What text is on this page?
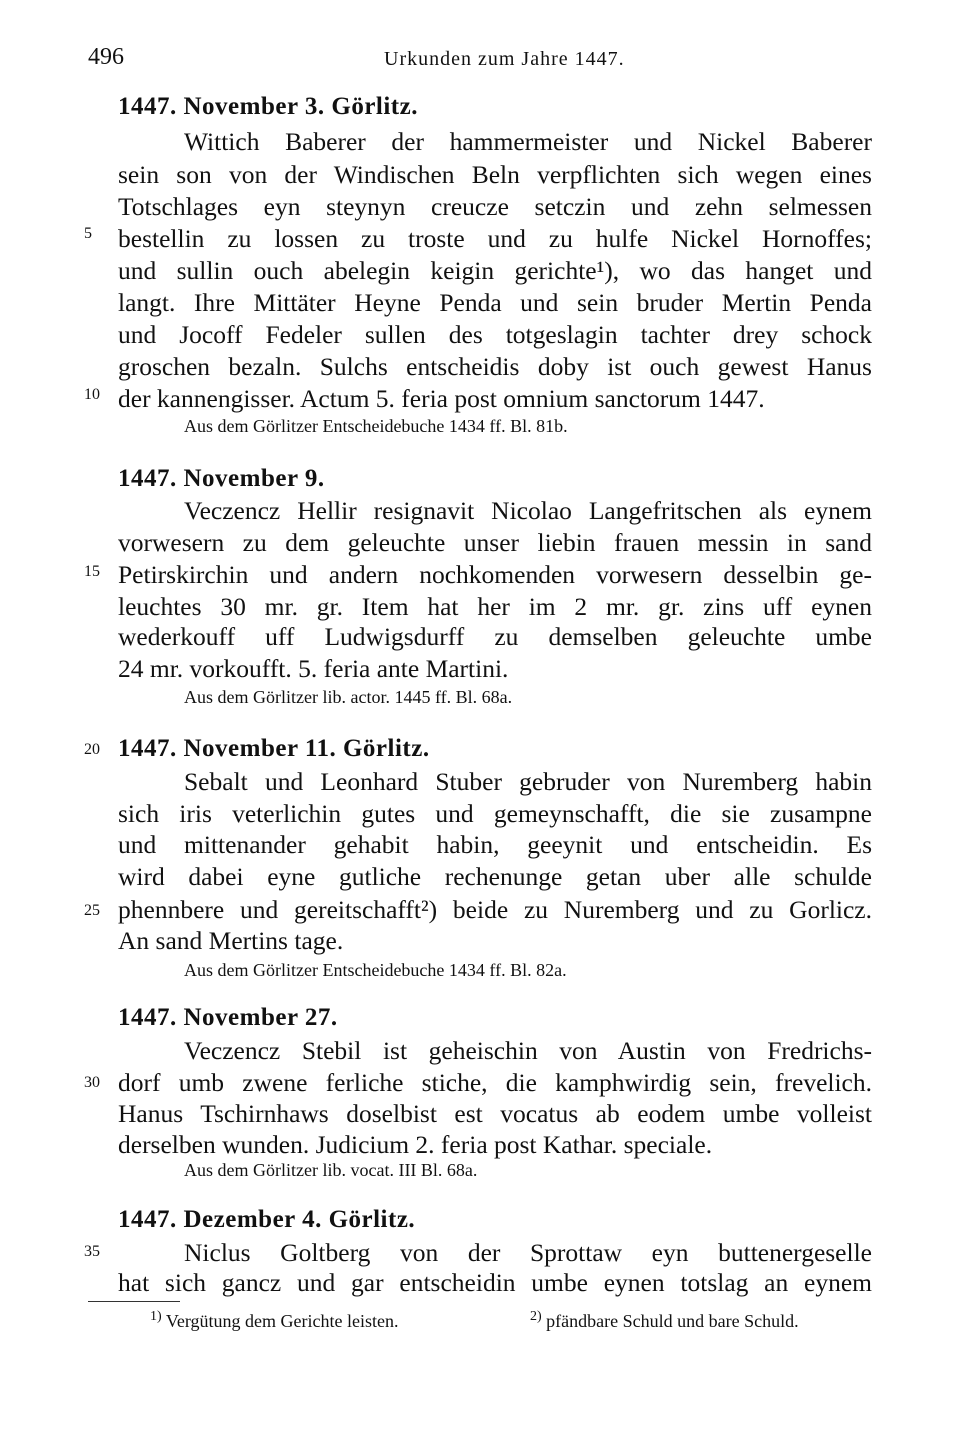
496	Urkunden zum Jahre 1447.
5
10
15
20
25
30
35
1447. November 3. Görlitz.
Wittich Baberer der hammermeister und Nickel Baberer
sein son von der Windischen Beln verpflichten sich wegen eines
Totschlages eyn steynyn creucze setczin und zehn selmessen
bestellin zu lossen zu troste und zu hulfe Nickel Hornoffes;
und sullin ouch abelegin keigin gerichte¹), wo das hanget und
langt. Ihre Mittäter Heyne Penda und sein bruder Mertin Penda
und Jocoff Fedeler sullen des totgeslagin tachter drey schock
groschen bezaln. Sulchs entscheidis doby ist ouch gewest Hanus
der kannengisser. Actum 5. feria post omnium sanctorum 1447.
Aus dem Görlitzer Entscheidebuche 1434 ff. Bl. 81b.
1447. November 9.
Veczencz Hellir resignavit Nicolao Langefritschen als eynem
vorwesern zu dem geleuchte unser liebin frauen messin in sand
Petirskirchin und andern nochkomenden vorwesern desselbin ge-
leuchtes 30 mr. gr. Item hat her im 2 mr. gr. zins uff eynen
wederkouff uff Ludwigsdurff zu demselben geleuchte umbe
24 mr. vorkoufft. 5. feria ante Martini.
Aus dem Görlitzer lib. actor. 1445 ff. Bl. 68a.
1447. November 11. Görlitz.
Sebalt und Leonhard Stuber gebruder von Nuremberg habin
sich iris veterlichin gutes und gemeynschafft, die sie zusampne
und mittenander gehabit habin, geeynit und entscheidin. Es
wird dabei eyne gutliche rechenunge getan uber alle schulde
phennbere und gereitschafft²) beide zu Nuremberg und zu Gorlicz.
An sand Mertins tage.
Aus dem Görlitzer Entscheidebuche 1434 ff. Bl. 82a.
1447. November 27.
Veczencz Stebil ist geheischin von Austin von Fredrichs-
dorf umb zwene ferliche stiche, die kamphwirdig sein, frevelich.
Hanus Tschirnhaws doselbist est vocatus ab eodem umbe volleist
derselben wunden. Judicium 2. feria post Kathar. speciale.
Aus dem Görlitzer lib. vocat. III Bl. 68a.
1447. Dezember 4. Görlitz.
Niclus Goltberg von der Sprottaw eyn buttenergeselle
hat sich gancz und gar entscheidin umbe eynen totslag an eynem
$^{1)}$ Vergütung dem Gerichte leisten.	$^{2)}$ pfändbare Schuld und bare Schuld.
